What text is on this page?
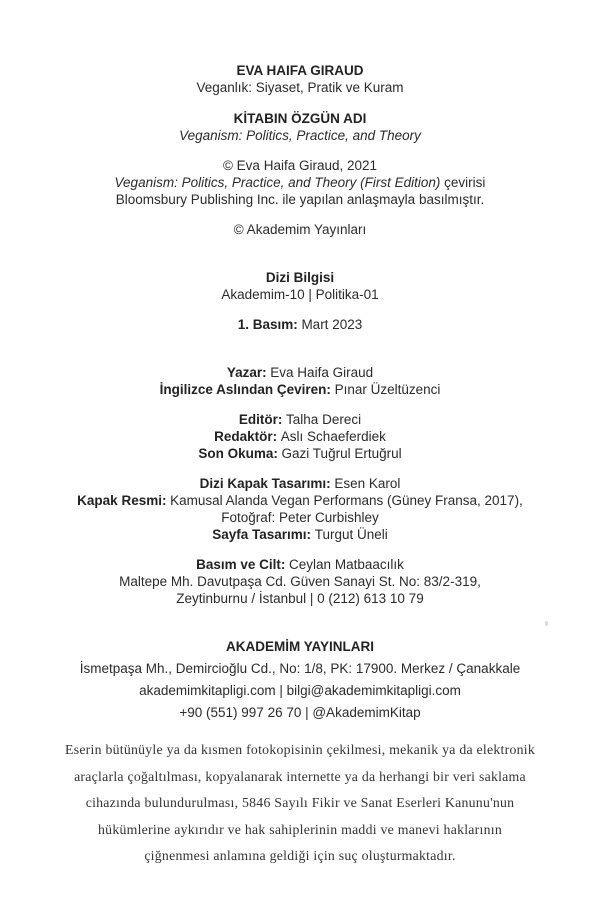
EVA HAIFA GIRAUD
Veganlık: Siyaset, Pratik ve Kuram
KİTABIN ÖZGÜN ADI
Veganism: Politics, Practice, and Theory
© Eva Haifa Giraud, 2021
Veganism: Politics, Practice, and Theory (First Edition) çevirisi
Bloomsbury Publishing Inc. ile yapılan anlaşmayla basılmıştır.
© Akademim Yayınları
Dizi Bilgisi
Akademim-10 | Politika-01
1. Basım: Mart 2023
Yazar: Eva Haifa Giraud
İngilizce Aslından Çeviren: Pınar Üzeltüzenci
Editör: Talha Dereci
Redaktör: Aslı Schaeferdiek
Son Okuma: Gazi Tuğrul Ertuğrul
Dizi Kapak Tasarımı: Esen Karol
Kapak Resmi: Kamusal Alanda Vegan Performans (Güney Fransa, 2017),
Fotoğraf: Peter Curbishley
Sayfa Tasarımı: Turgut Üneli
Basım ve Cilt: Ceylan Matbaacılık
Maltepe Mh. Davutpaşa Cd. Güven Sanayi St. No: 83/2-319,
Zeytinburnu / İstanbul | 0 (212) 613 10 79
AKADEMİM YAYINLARI
İsmetpaşa Mh., Demircioğlu Cd., No: 1/8, PK: 17900. Merkez / Çanakkale
akademimkitapligi.com | bilgi@akademimkitapligi.com
+90 (551) 997 26 70 | @AkademimKitap
Eserin bütünüyle ya da kısmen fotokopisinin çekilmesi, mekanik ya da elektronik
araçlarla çoğaltılması, kopyalanarak internette ya da herhangi bir veri saklama
cihazında bulundurulması, 5846 Sayılı Fikir ve Sanat Eserleri Kanunu'nun
hükümlerine aykırıdır ve hak sahiplerinin maddi ve manevi haklarının
çiğnenmesi anlamına geldiği için suç oluşturmaktadır.
